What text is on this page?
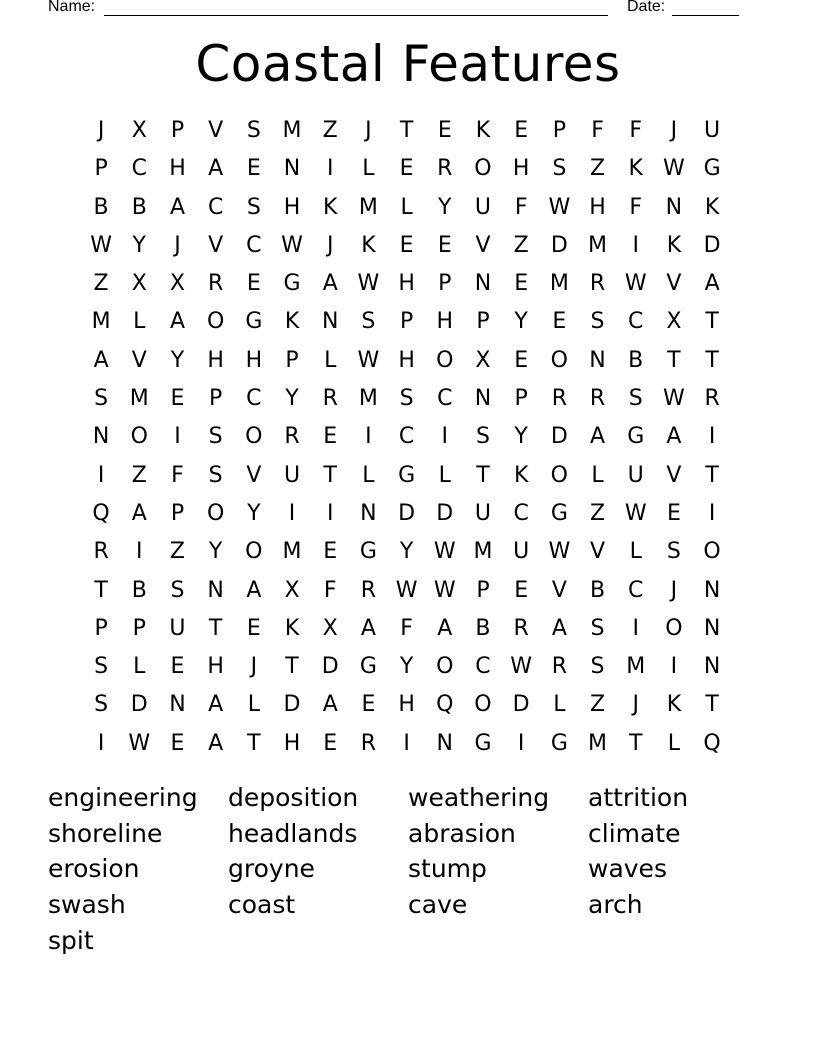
Name:	Date:
Coastal Features
J	X	P	V	S M Z	J	T	E	K	E	P	F	F	J	U
P	C	H	A	E	N	I	L	E	R O H	S	Z	K W G
B	B	A	C	S	H	K M	L	Y	U	F W H	F	N	K
W Y	J	V	C W	J	K	E	E	V	Z	D M	I	K	D
Z	X	X	R	E	G	A W H	P	N	E M R W V	A
M	L	A O G	K	N	S	P	H	P	Y	E	S	C	X	T
A	V	Y	H H	P	L W H O X	E	O N	B	T	T
S M E	P	C	Y	R M S	C	N	P	R	R	S W R
N O	I	S	O R	E	I	C	I	S	Y	D	A	G	A	I
I	Z	F	S	V	U	T	L	G	L	T	K	O	L	U	V	T
Q	A	P	O	Y	I	I	N D D U	C G	Z W E	I
R	I	Z	Y	O M E	G	Y W M U W V	L	S	O
T	B	S	N	A	X	F	R W W P	E	V	B	C	J	N
P	P	U	T	E	K	X	A	F	A	B	R	A	S	I	O N
S	L	E	H	J	T	D G	Y	O C W R	S M	I	N
S	D N	A	L	D	A	E	H Q O D	L	Z	J	K	T
I	W E	A	T	H	E	R	I	N G	I	G M T	L	Q
engineering	deposition	weathering	attrition
shoreline	headlands	abrasion	climate
erosion	groyne	stump	waves
swash	coast	cave	arch
spit
